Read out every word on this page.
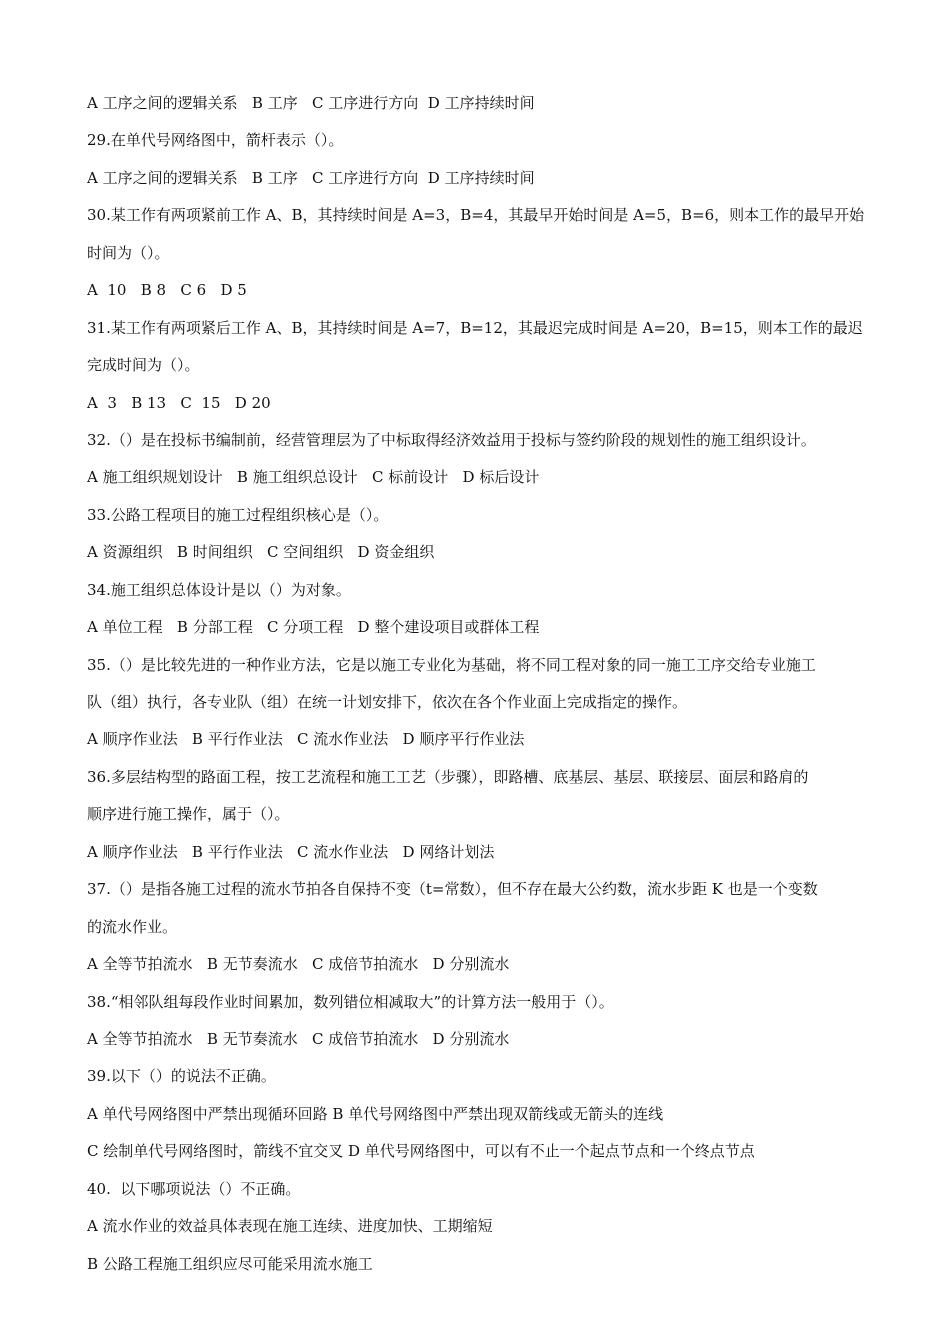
A 工序之间的逻辑关系   B 工序   C 工序进行方向  D 工序持续时间
29.在单代号网络图中，箭杆表示（）。
A 工序之间的逻辑关系   B 工序   C 工序进行方向  D 工序持续时间
30.某工作有两项紧前工作 A、B，其持续时间是 A=3，B=4，其最早开始时间是 A=5，B=6，则本工作的最早开始
时间为（）。
A  10   B 8   C 6   D 5
31.某工作有两项紧后工作 A、B，其持续时间是 A=7，B=12，其最迟完成时间是 A=20，B=15，则本工作的最迟
完成时间为（）。
A  3   B 13   C  15   D 20
32.（）是在投标书编制前，经营管理层为了中标取得经济效益用于投标与签约阶段的规划性的施工组织设计。
A 施工组织规划设计   B 施工组织总设计   C 标前设计   D 标后设计
33.公路工程项目的施工过程组织核心是（）。
A 资源组织   B 时间组织   C 空间组织   D 资金组织
34.施工组织总体设计是以（）为对象。
A 单位工程   B 分部工程   C 分项工程   D 整个建设项目或群体工程
35.（）是比较先进的一种作业方法，它是以施工专业化为基础，将不同工程对象的同一施工工序交给专业施工
队（组）执行，各专业队（组）在统一计划安排下，依次在各个作业面上完成指定的操作。
A 顺序作业法   B 平行作业法   C 流水作业法   D 顺序平行作业法
36.多层结构型的路面工程，按工艺流程和施工工艺（步骤），即路槽、底基层、基层、联接层、面层和路肩的
顺序进行施工操作，属于（）。
A 顺序作业法   B 平行作业法   C 流水作业法   D 网络计划法
37.（）是指各施工过程的流水节拍各自保持不变（t=常数），但不存在最大公约数，流水步距 K 也是一个变数
的流水作业。
A 全等节拍流水   B 无节奏流水   C 成倍节拍流水   D 分别流水
38.“相邻队组每段作业时间累加，数列错位相减取大”的计算方法一般用于（）。
A 全等节拍流水   B 无节奏流水   C 成倍节拍流水   D 分别流水
39.以下（）的说法不正确。
A 单代号网络图中严禁出现循环回路 B 单代号网络图中严禁出现双箭线或无箭头的连线
C 绘制单代号网络图时，箭线不宜交叉 D 单代号网络图中，可以有不止一个起点节点和一个终点节点
40.  以下哪项说法（）不正确。
A 流水作业的效益具体表现在施工连续、进度加快、工期缩短
B 公路工程施工组织应尽可能采用流水施工
